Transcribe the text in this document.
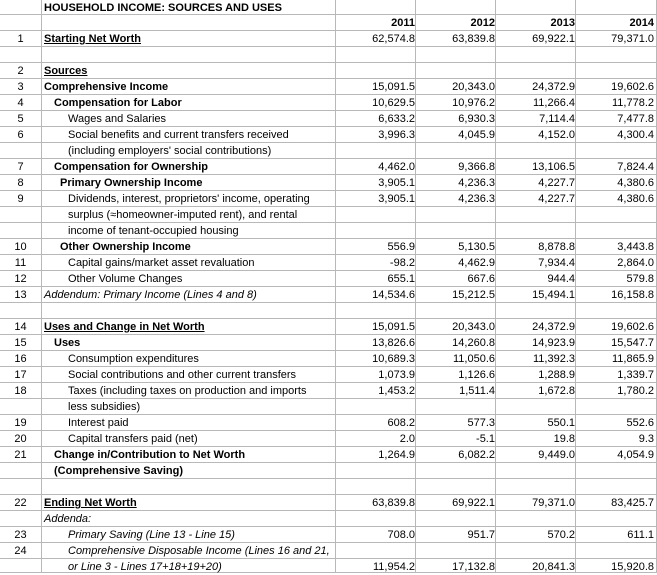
HOUSEHOLD INCOME: SOURCES AND USES
2011	2012	2013	2014
1	Starting Net Worth	62,574.8	63,839.8	69,922.1	79,371.0
2	Sources
3	Comprehensive Income	15,091.5	20,343.0	24,372.9	19,602.6
4	Compensation for Labor	10,629.5	10,976.2	11,266.4	11,778.2
5	Wages and Salaries	6,633.2	6,930.3	7,114.4	7,477.8
6	Social benefits and current transfers received
(including employers' social contributions)
3,996.3	4,045.9	4,152.0	4,300.4
7	Compensation for Ownership	4,462.0	9,366.8	13,106.5	7,824.4
8	Primary Ownership Income	3,905.1	4,236.3	4,227.7	4,380.6
9	Dividends, interest, proprietors' income, operating
surplus (≈homeowner-imputed rent), and rental
income of tenant-occupied housing
3,905.1	4,236.3	4,227.7	4,380.6
10	Other Ownership Income	556.9	5,130.5	8,878.8	3,443.8
11	Capital gains/market asset revaluation	-98.2	4,462.9	7,934.4	2,864.0
12	Other Volume Changes	655.1	667.6	944.4	579.8
13	Addendum: Primary Income (Lines 4 and 8)	14,534.6	15,212.5	15,494.1	16,158.8
14	Uses and Change in Net Worth	15,091.5	20,343.0	24,372.9	19,602.6
15	Uses	13,826.6	14,260.8	14,923.9	15,547.7
16	Consumption expenditures	10,689.3	11,050.6	11,392.3	11,865.9
17	Social contributions and other current transfers	1,073.9	1,126.6	1,288.9	1,339.7
18	Taxes (including taxes on production and imports
less subsidies)
1,453.2	1,511.4	1,672.8	1,780.2
19	Interest paid	608.2	577.3	550.1	552.6
20	Capital transfers paid (net)	2.0	-5.1	19.8	9.3
21	Change in/Contribution to Net Worth
(Comprehensive Saving)
1,264.9	6,082.2	9,449.0	4,054.9
22	Ending Net Worth	63,839.8	69,922.1	79,371.0	83,425.7
Addenda:
23	Primary Saving (Line 13 - Line 15)	708.0	951.7	570.2	611.1
24	Comprehensive Disposable Income (Lines 16 and 21,
or Line 3 - Lines 17+18+19+20)	11,954.2	17,132.8	20,841.3	15,920.8
